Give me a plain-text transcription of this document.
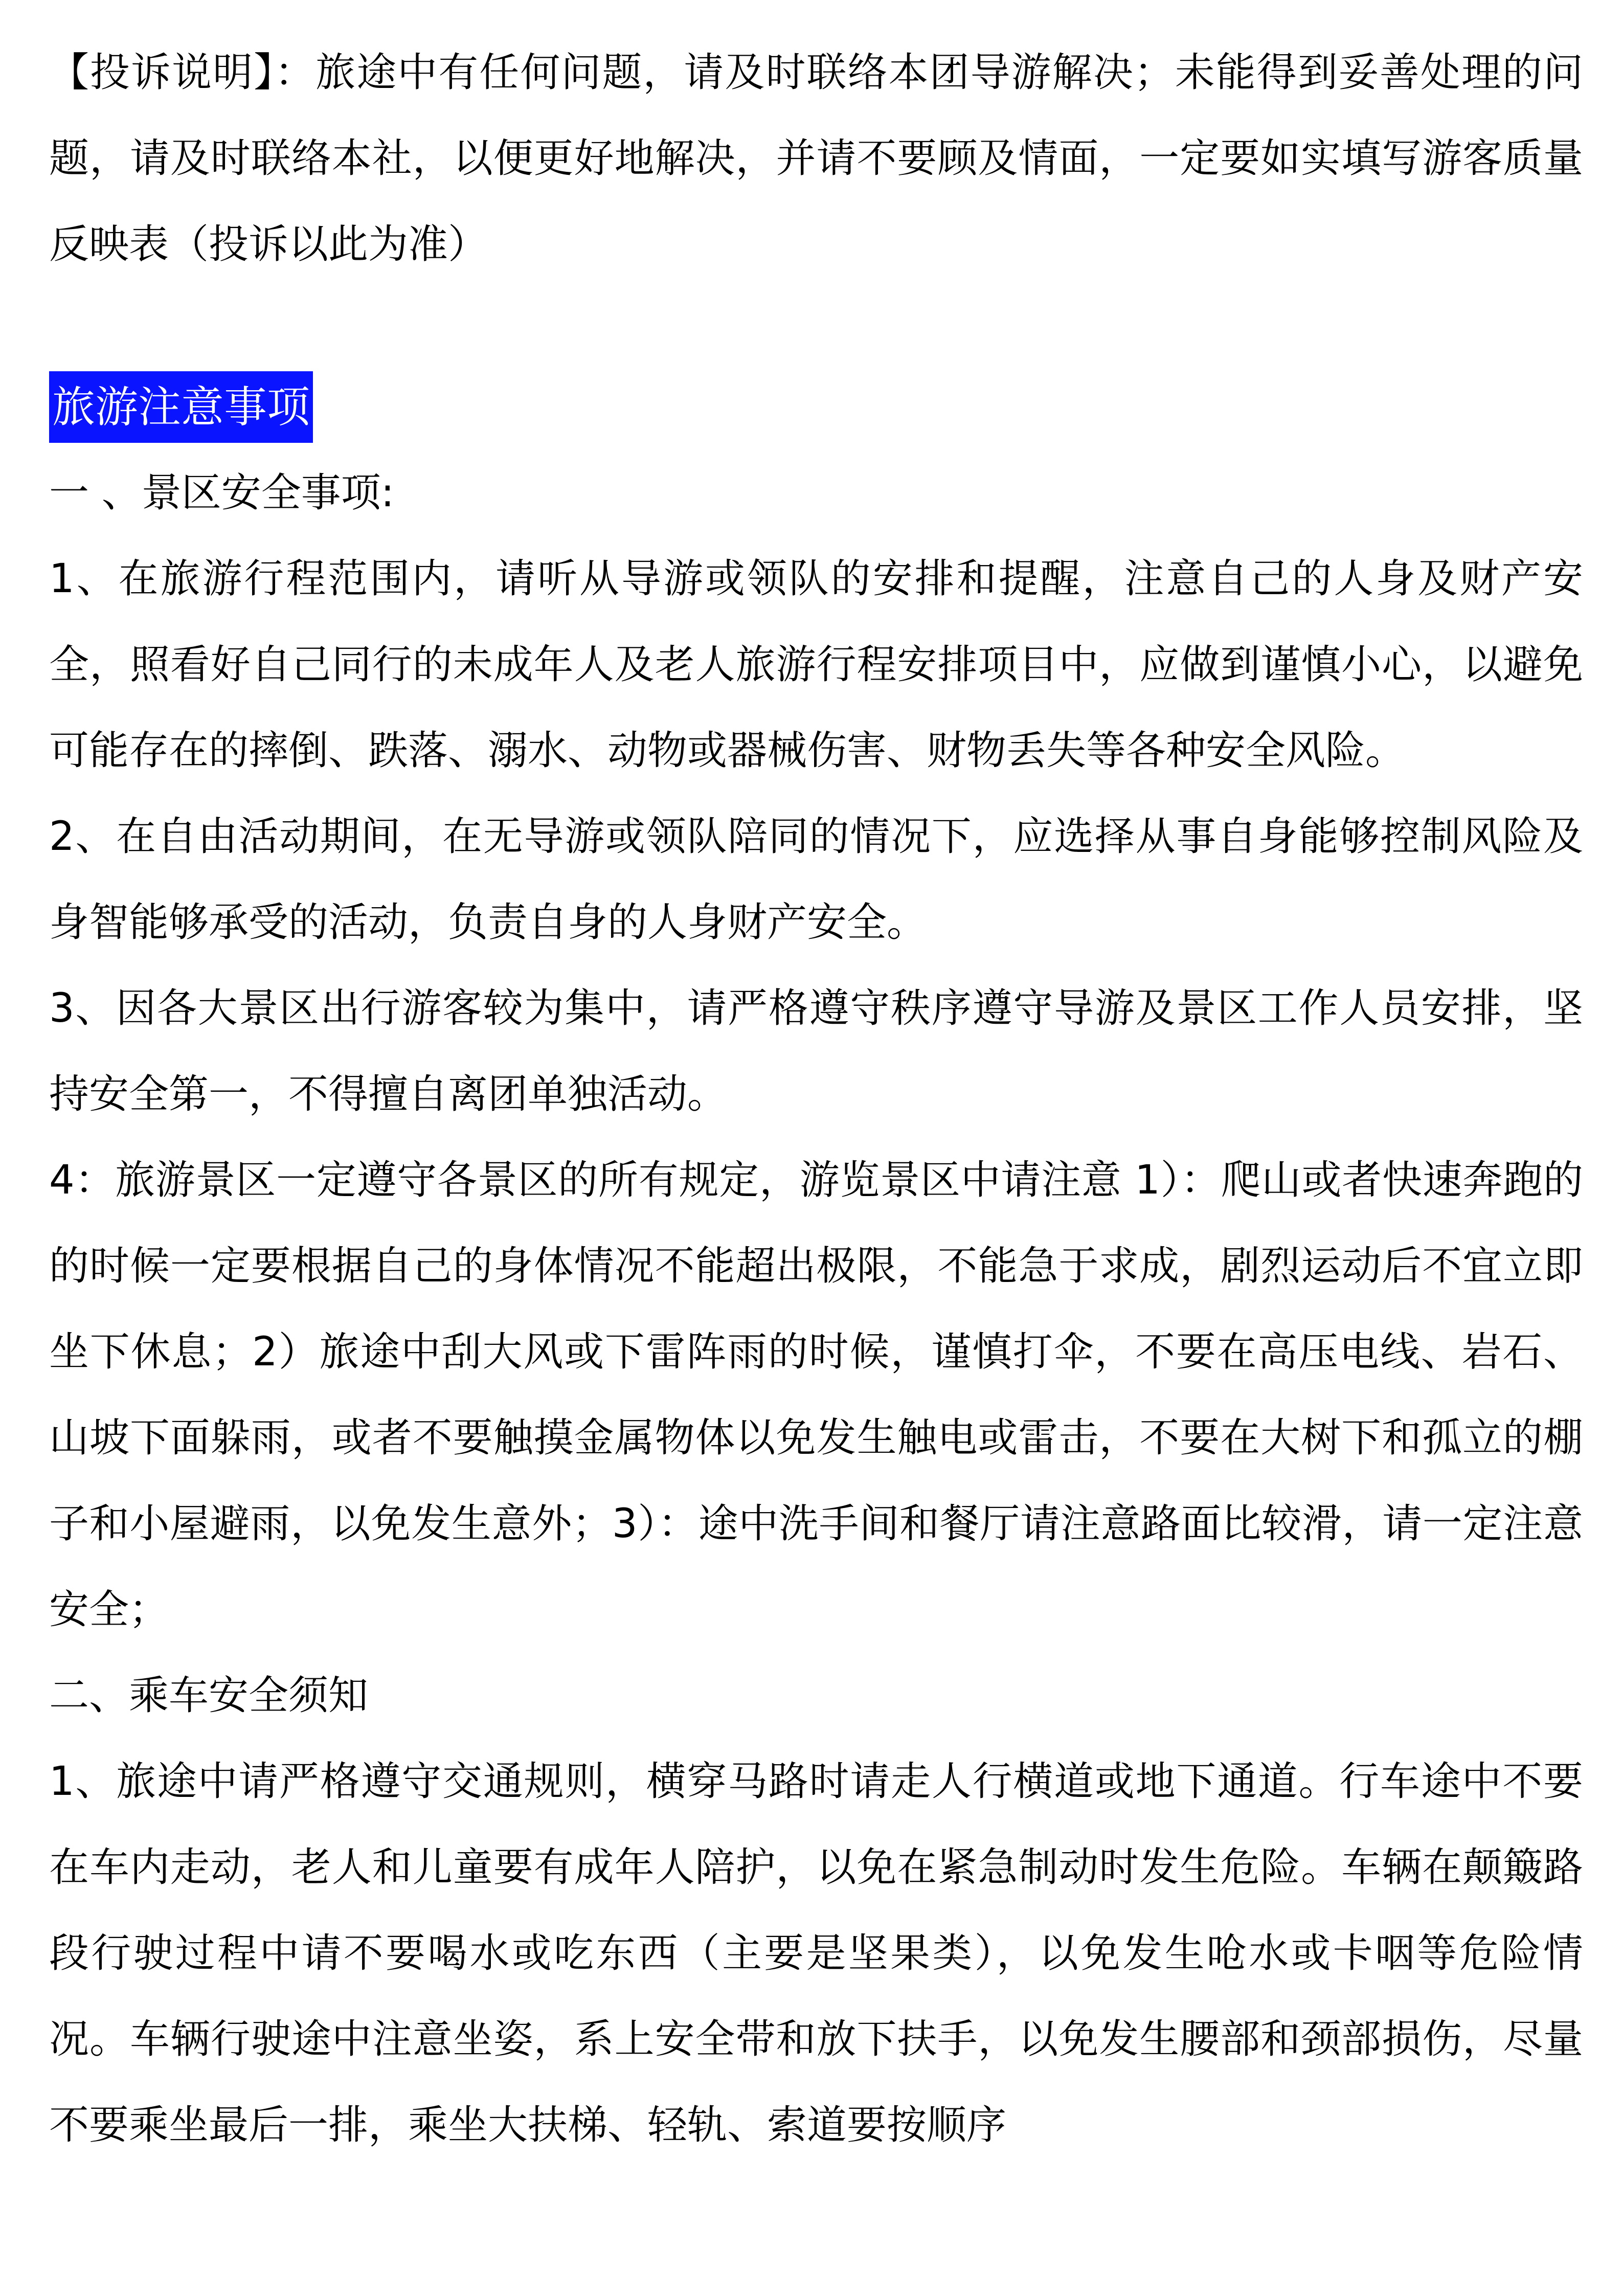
【投诉说明】：旅途中有任何问题，请及时联络本团导游解决；未能得到妥善处理的问题，请及时联络本社，以便更好地解决，并请不要顾及情面，一定要如实填写游客质量反映表（投诉以此为准）

旅游注意事项

一 、景区安全事项:

1、在旅游行程范围内，请听从导游或领队的安排和提醒，注意自己的人身及财产安全，照看好自己同行的未成年人及老人旅游行程安排项目中，应做到谨慎小心，以避免可能存在的摔倒、跌落、溺水、动物或器械伤害、财物丢失等各种安全风险。

2、在自由活动期间，在无导游或领队陪同的情况下，应选择从事自身能够控制风险及身智能够承受的活动，负责自身的人身财产安全。

3、因各大景区出行游客较为集中，请严格遵守秩序遵守导游及景区工作人员安排，坚持安全第一，不得擅自离团单独活动。

4：旅游景区一定遵守各景区的所有规定，游览景区中请注意 1）：爬山或者快速奔跑的的时候一定要根据自己的身体情况不能超出极限，不能急于求成，剧烈运动后不宜立即坐下休息；2）旅途中刮大风或下雷阵雨的时候，谨慎打伞，不要在高压电线、岩石、山坡下面躲雨，或者不要触摸金属物体以免发生触电或雷击，不要在大树下和孤立的棚子和小屋避雨，以免发生意外；3）：途中洗手间和餐厅请注意路面比较滑，请一定注意安全；

二、乘车安全须知

1、旅途中请严格遵守交通规则，横穿马路时请走人行横道或地下通道。行车途中不要在车内走动，老人和儿童要有成年人陪护，以免在紧急制动时发生危险。车辆在颠簸路段行驶过程中请不要喝水或吃东西（主要是坚果类），以免发生呛水或卡咽等危险情况。车辆行驶途中注意坐姿，系上安全带和放下扶手，以免发生腰部和颈部损伤，尽量不要乘坐最后一排，乘坐大扶梯、轻轨、索道要按顺序
